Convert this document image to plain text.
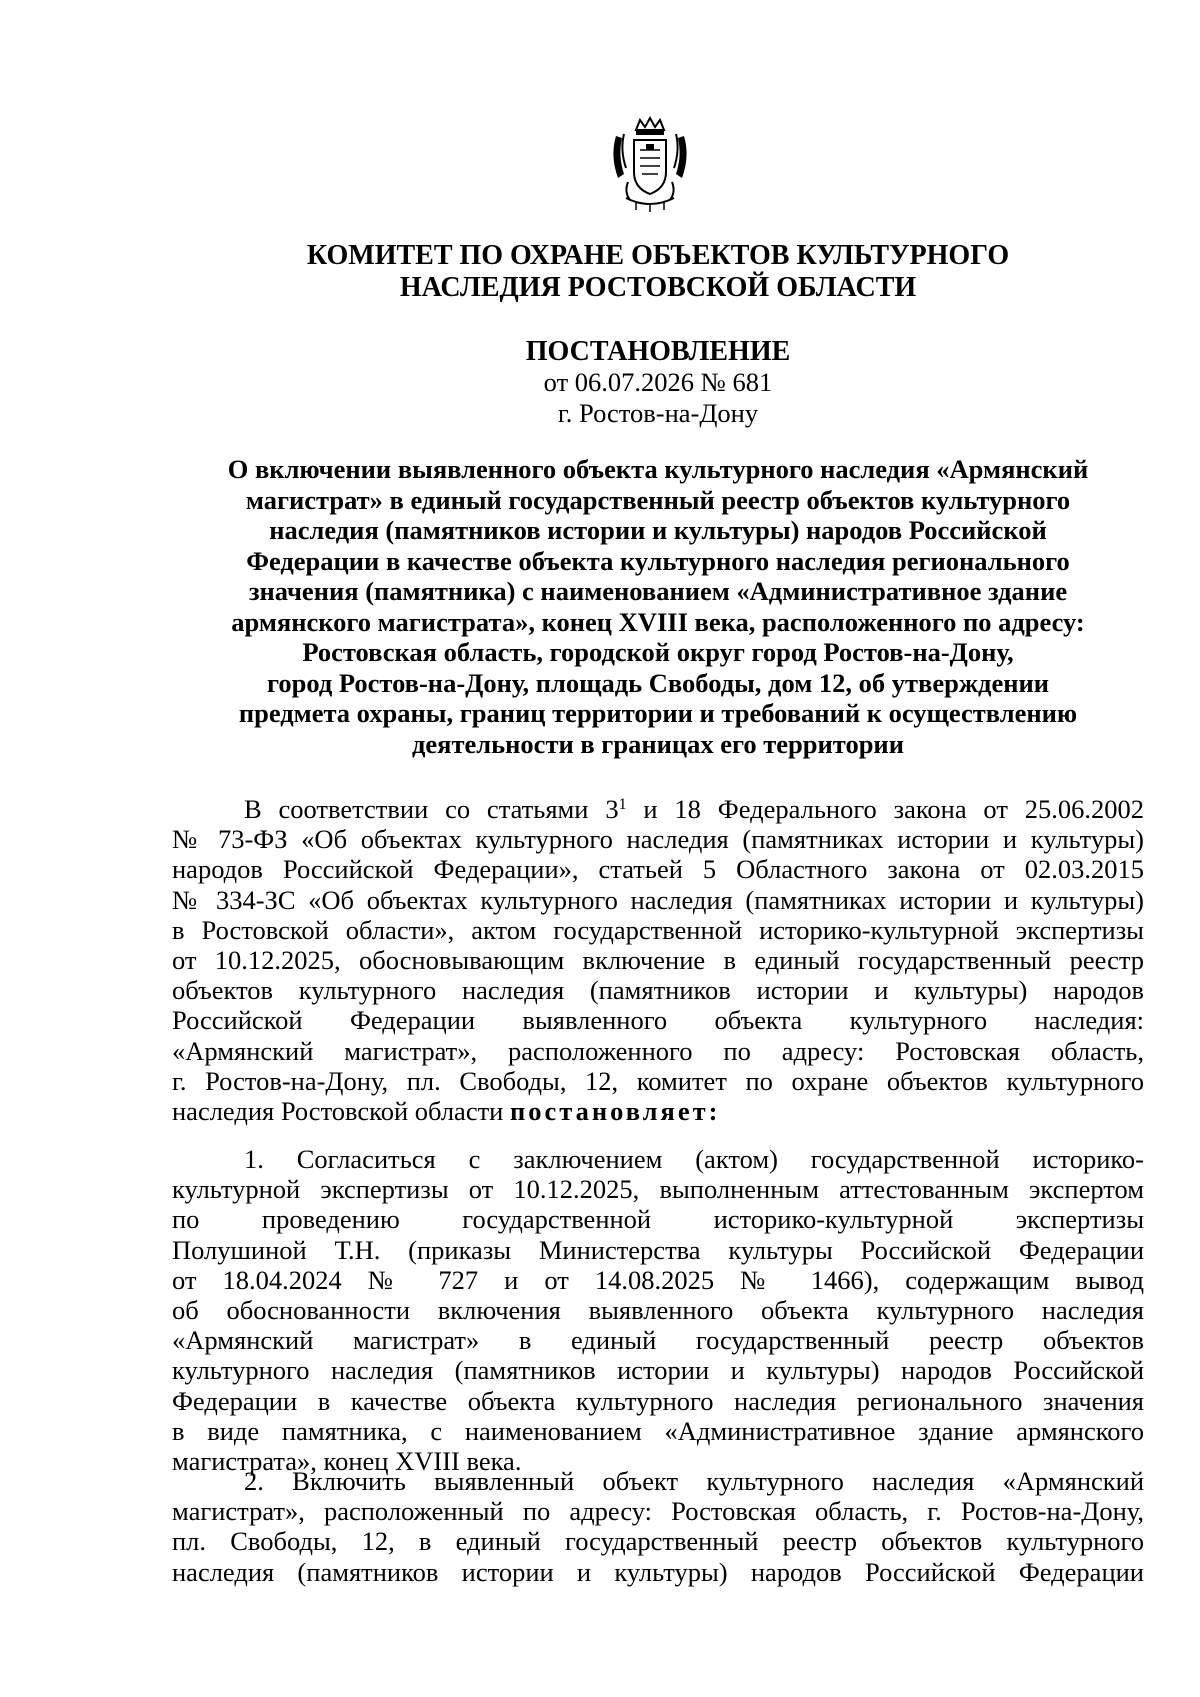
КОМИТЕТ ПО ОХРАНЕ ОБЪЕКТОВ КУЛЬТУРНОГО
НАСЛЕДИЯ РОСТОВСКОЙ ОБЛАСТИ
ПОСТАНОВЛЕНИЕ
от 06.07.2026 № 681
г. Ростов-на-Дону
О включении выявленного объекта культурного наследия «Армянский
магистрат» в единый государственный реестр объектов культурного
наследия (памятников истории и культуры) народов Российской
Федерации в качестве объекта культурного наследия регионального
значения (памятника) с наименованием «Административное здание
армянского магистрата», конец XVIII века, расположенного по адресу:
Ростовская область, городской округ город Ростов-на-Дону,
город Ростов-на-Дону, площадь Свободы, дом 12, об утверждении
предмета охраны, границ территории и требований к осуществлению
деятельности в границах его территории
В соответствии со статьями $3^1$ и 18 Федерального закона от 25.06.2002
№ 73-ФЗ «Об объектах культурного наследия (памятниках истории и культуры)
народов Российской Федерации», статьей 5 Областного закона от 02.03.2015
№ 334-ЗС «Об объектах культурного наследия (памятниках истории и культуры)
в Ростовской области», актом государственной историко-культурной экспертизы
от 10.12.2025, обосновывающим включение в единый государственный реестр
объектов культурного наследия (памятников истории и культуры) народов
Российской Федерации выявленного объекта культурного наследия:
«Армянский магистрат», расположенного по адресу: Ростовская область,
г. Ростов-на-Дону, пл. Свободы, 12, комитет по охране объектов культурного
наследия Ростовской области постановляет:
1. Согласиться с заключением (актом) государственной историко-
культурной экспертизы от 10.12.2025, выполненным аттестованным экспертом
по проведению государственной историко-культурной экспертизы
Полушиной Т.Н. (приказы Министерства культуры Российской Федерации
от 18.04.2024 № 727 и от 14.08.2025 № 1466), содержащим вывод
об обоснованности включения выявленного объекта культурного наследия
«Армянский магистрат» в единый государственный реестр объектов
культурного наследия (памятников истории и культуры) народов Российской
Федерации в качестве объекта культурного наследия регионального значения
в виде памятника, с наименованием «Административное здание армянского
магистрата», конец XVIII века.
2. Включить выявленный объект культурного наследия «Армянский
магистрат», расположенный по адресу: Ростовская область, г. Ростов-на-Дону,
пл. Свободы, 12, в единый государственный реестр объектов культурного
наследия (памятников истории и культуры) народов Российской Федерации
